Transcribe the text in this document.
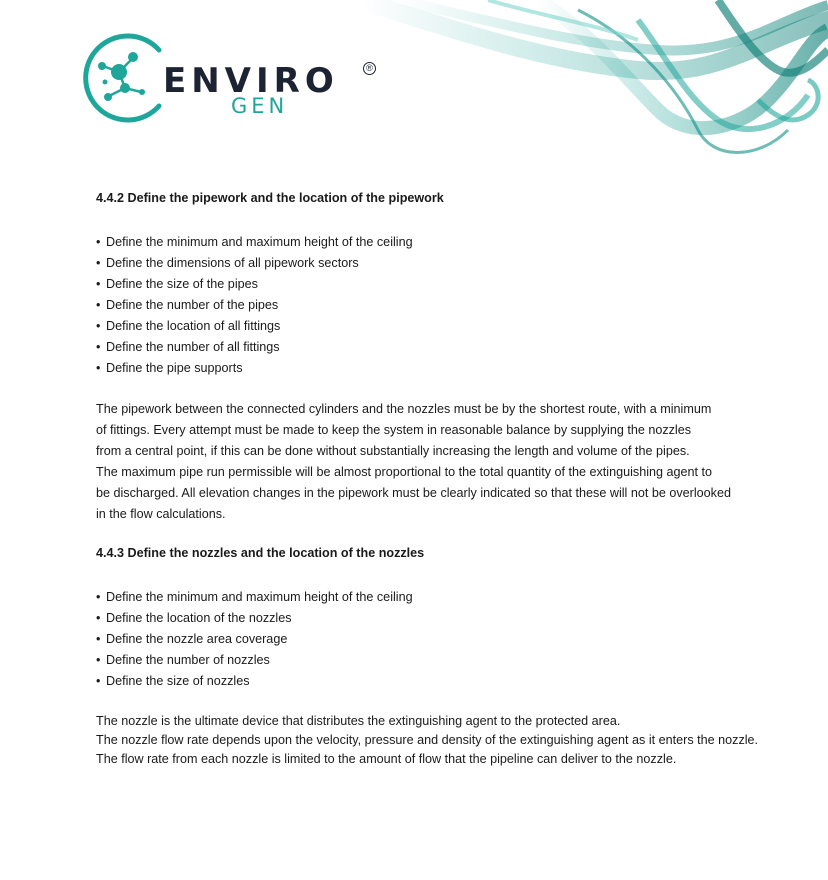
ENVIRO	®
GEN
4.4.2 Define the pipework and the location of the pipework
• Define the minimum and maximum height of the ceiling
• Define the dimensions of all pipework sectors
• Define the size of the pipes
• Define the number of the pipes
• Define the location of all fittings
• Define the number of all fittings
• Define the pipe supports

The pipework between the connected cylinders and the nozzles must be by the shortest route, with a minimum

of fittings. Every attempt must be made to keep the system in reasonable balance by supplying the nozzles

from a central point, if this can be done without substantially increasing the length and volume of the pipes.

The maximum pipe run permissible will be almost proportional to the total quantity of the extinguishing agent to

be discharged. All elevation changes in the pipework must be clearly indicated so that these will not be overlooked

in the flow calculations.

4.4.3 Define the nozzles and the location of the nozzles
• Define the minimum and maximum height of the ceiling
• Define the location of the nozzles
• Define the nozzle area coverage
• Define the number of nozzles
• Define the size of nozzles

The nozzle is the ultimate device that distributes the extinguishing agent to the protected area.

The nozzle flow rate depends upon the velocity, pressure and density of the extinguishing agent as it enters the nozzle.

The flow rate from each nozzle is limited to the amount of flow that the pipeline can deliver to the nozzle.
